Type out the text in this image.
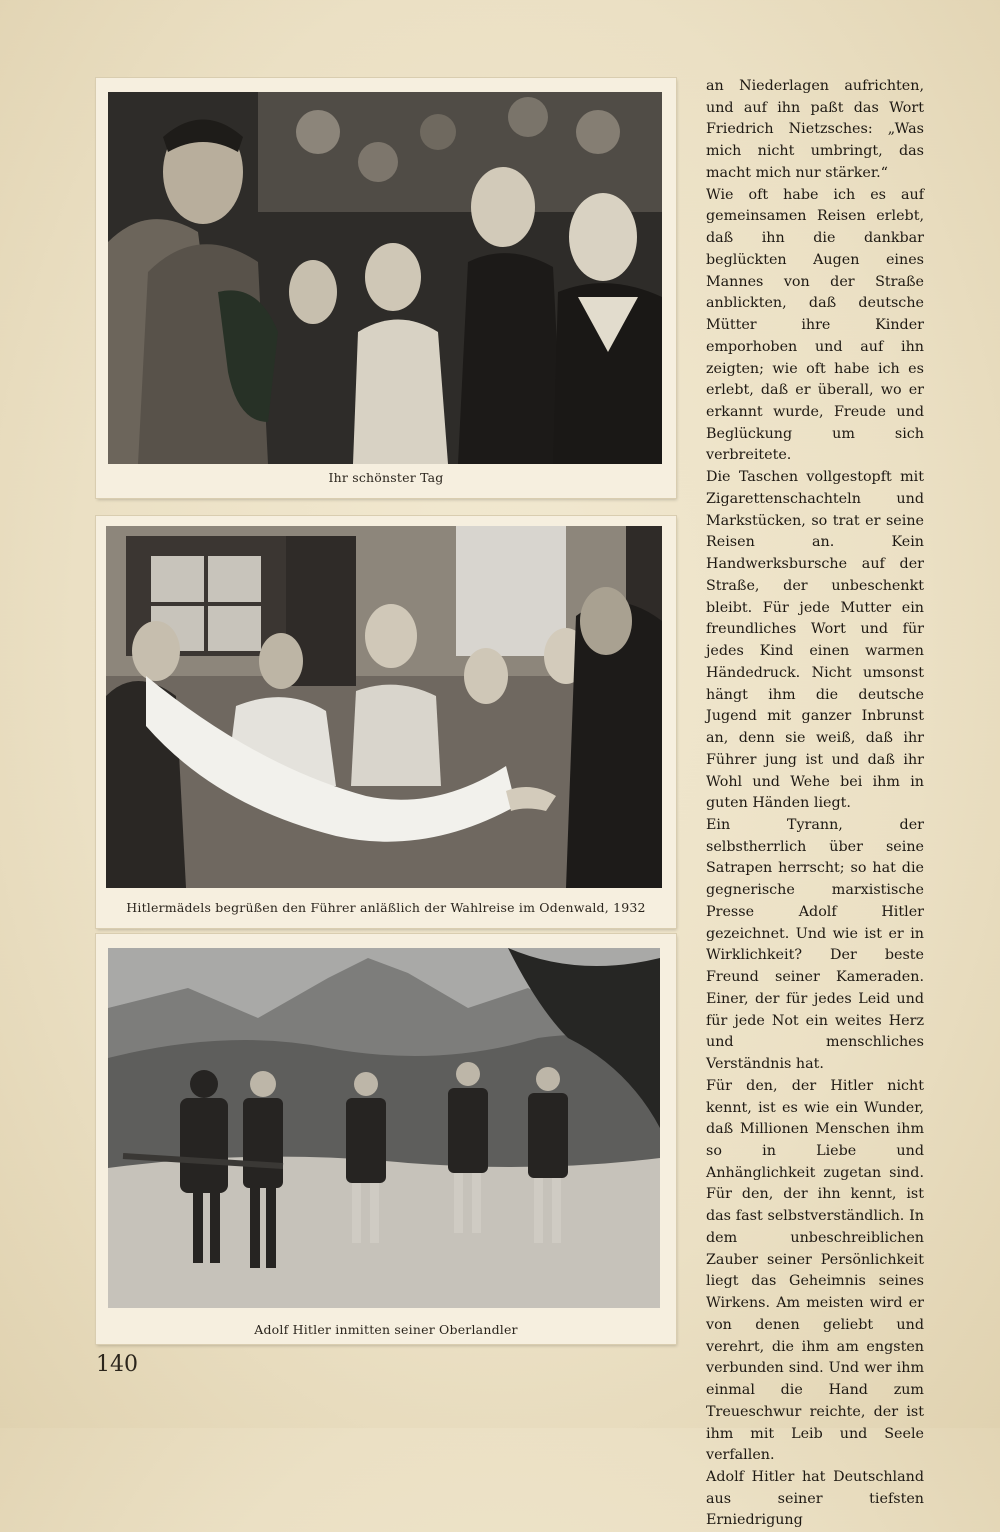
Ihr schönster Tag
Hitlermädels begrüßen den Führer anläßlich der Wahlreise im Odenwald, 1932
Adolf Hitler inmitten seiner Oberlandler

an Niederlagen aufrichten, und auf ihn paßt das Wort Friedrich Nietzsches: „Was mich nicht umbringt, das macht mich nur stärker.“

Wie oft habe ich es auf gemeinsamen Reisen erlebt, daß ihn die dankbar beglückten Augen eines Mannes von der Straße anblickten, daß deutsche Mütter ihre Kinder emporhoben und auf ihn zeigten; wie oft habe ich es erlebt, daß er überall, wo er erkannt wurde, Freude und Beglückung um sich verbreitete.

Die Taschen vollgestopft mit Zigarettenschachteln und Markstücken, so trat er seine Reisen an. Kein Handwerksbursche auf der Straße, der unbeschenkt bleibt. Für jede Mutter ein freundliches Wort und für jedes Kind einen warmen Händedruck. Nicht umsonst hängt ihm die deutsche Jugend mit ganzer Inbrunst an, denn sie weiß, daß ihr Führer jung ist und daß ihr Wohl und Wehe bei ihm in guten Händen liegt.

Ein Tyrann, der selbstherrlich über seine Satrapen herrscht; so hat die gegnerische marxistische Presse Adolf Hitler gezeichnet. Und wie ist er in Wirklichkeit? Der beste Freund seiner Kameraden. Einer, der für jedes Leid und für jede Not ein weites Herz und menschliches Verständnis hat.

Für den, der Hitler nicht kennt, ist es wie ein Wunder, daß Millionen Menschen ihm so in Liebe und Anhänglichkeit zugetan sind. Für den, der ihn kennt, ist das fast selbstverständlich. In dem unbeschreiblichen Zauber seiner Persönlichkeit liegt das Geheimnis seines Wirkens. Am meisten wird er von denen geliebt und verehrt, die ihm am engsten verbunden sind. Und wer ihm einmal die Hand zum Treueschwur reichte, der ist ihm mit Leib und Seele verfallen.

Adolf Hitler hat Deutschland aus seiner tiefsten Erniedrigung

140
